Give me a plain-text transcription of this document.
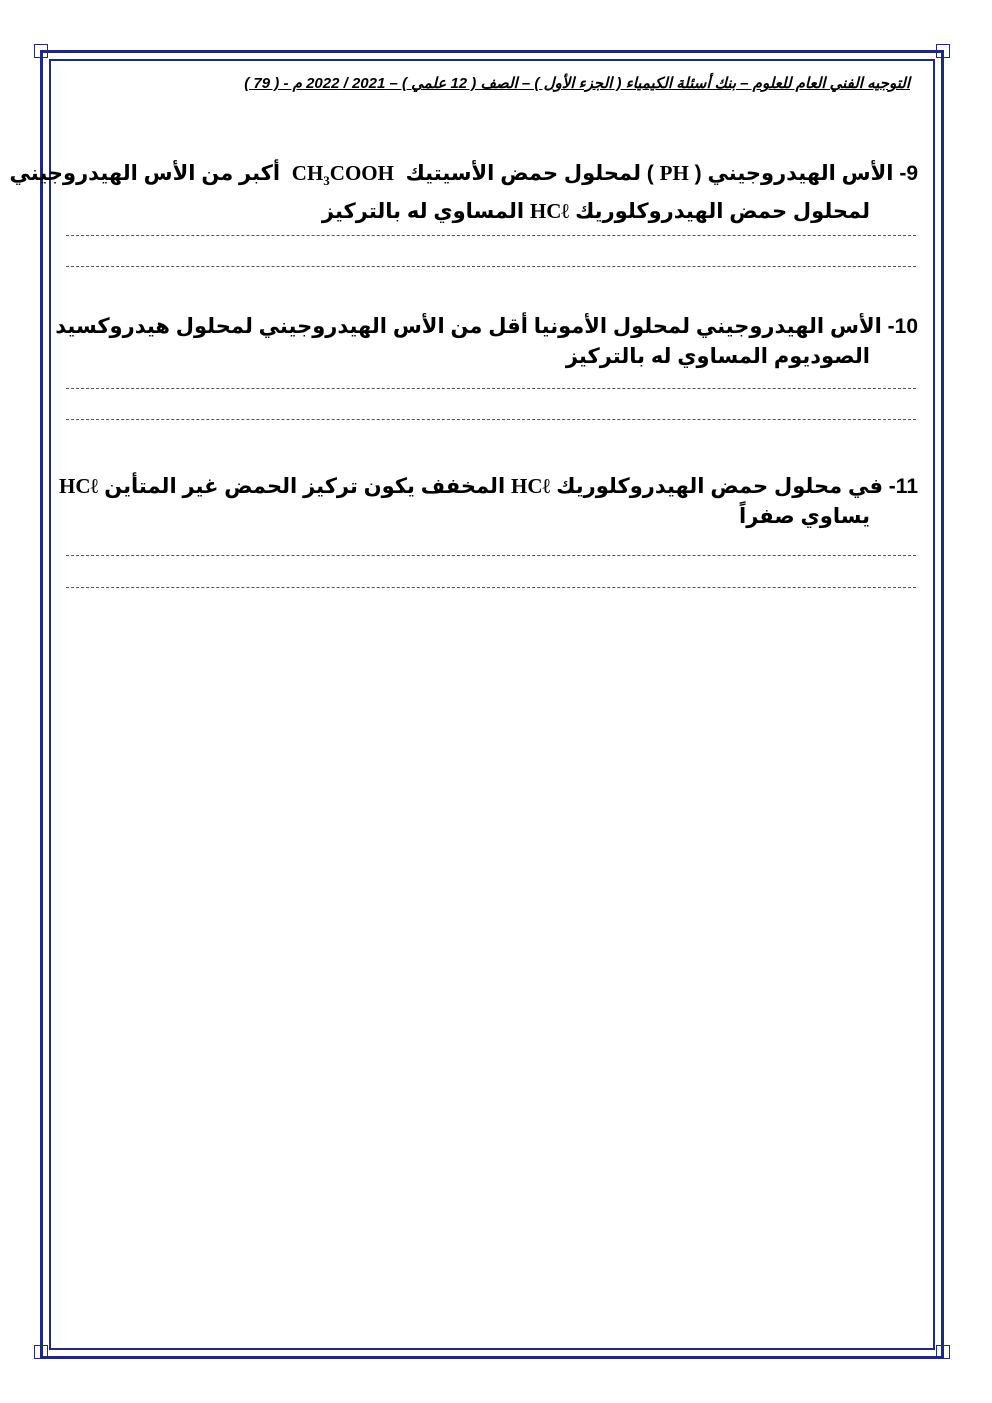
التوجيه الفني العام للعلوم – بنك أسئلة الكيمياء ( الجزء الأول ) – الصف ( 12 علمي ) – 2021 / 2022 م - ( 79 )
9- الأس الهيدروجيني ( PH ) لمحلول حمض الأسيتيك  $CH_3COOH$  أكبر من الأس الهيدروجيني
لمحلول حمض الهيدروكلوريك HCℓ المساوي له بالتركيز
10- الأس الهيدروجيني لمحلول الأمونيا أقل من الأس الهيدروجيني لمحلول هيدروكسيد
الصوديوم المساوي له بالتركيز
11- في محلول حمض الهيدروكلوريك HCℓ المخفف يكون تركيز الحمض غير المتأين HCℓ
يساوي صفراً
